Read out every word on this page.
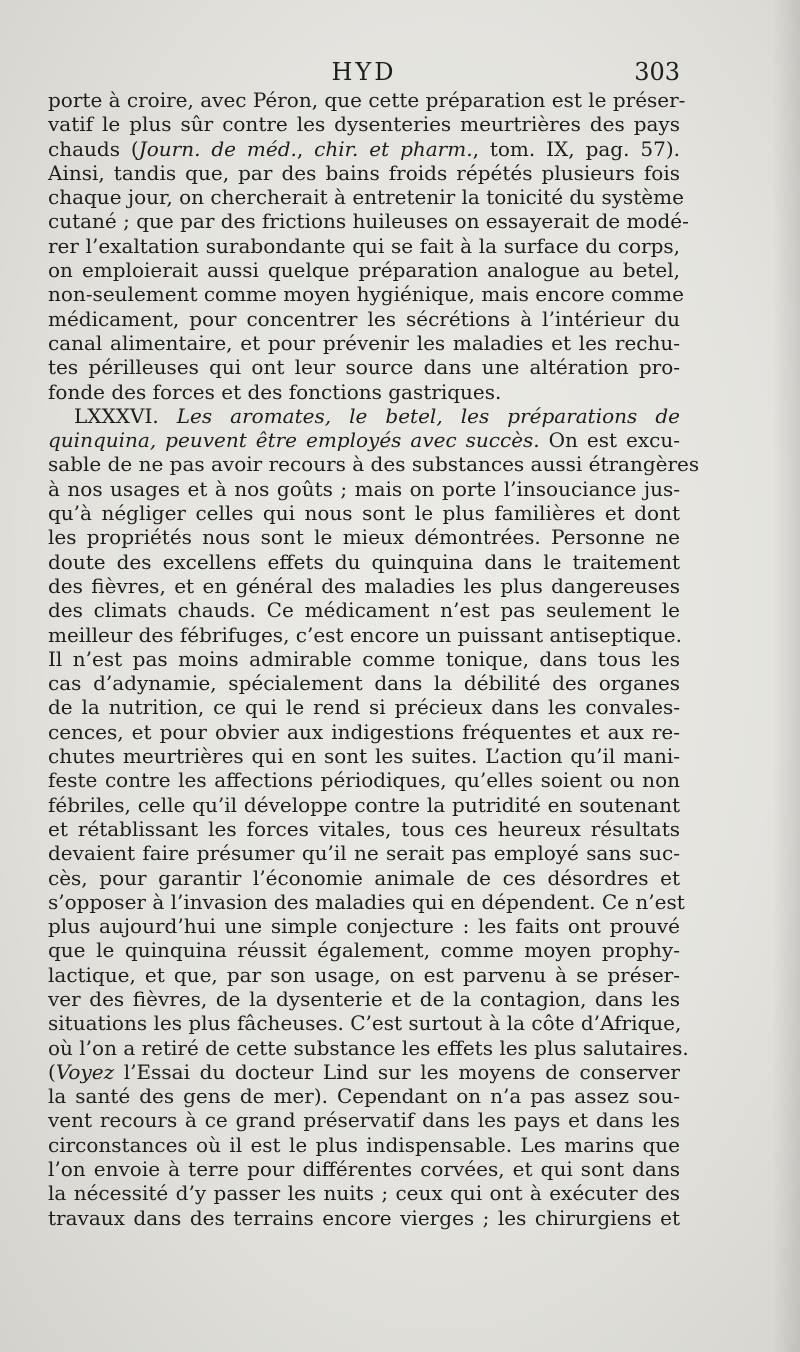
HYD	303
porte à croire, avec Péron, que cette préparation est le préser-
vatif le plus sûr contre les dysenteries meurtrières des pays
chauds (Journ. de méd., chir. et pharm., tom. IX, pag. 57).
Ainsi, tandis que, par des bains froids répétés plusieurs fois
chaque jour, on chercherait à entretenir la tonicité du système
cutané ; que par des frictions huileuses on essayerait de modé-
rer l’exaltation surabondante qui se fait à la surface du corps,
on emploierait aussi quelque préparation analogue au betel,
non-seulement comme moyen hygiénique, mais encore comme
médicament, pour concentrer les sécrétions à l’intérieur du
canal alimentaire, et pour prévenir les maladies et les rechu-
tes périlleuses qui ont leur source dans une altération pro-
fonde des forces et des fonctions gastriques.
LXXXVI. Les aromates, le betel, les préparations de
quinquina, peuvent être employés avec succès. On est excu-
sable de ne pas avoir recours à des substances aussi étrangères
à nos usages et à nos goûts ; mais on porte l’insouciance jus-
qu’à négliger celles qui nous sont le plus familières et dont
les propriétés nous sont le mieux démontrées. Personne ne
doute des excellens effets du quinquina dans le traitement
des fièvres, et en général des maladies les plus dangereuses
des climats chauds. Ce médicament n’est pas seulement le
meilleur des fébrifuges, c’est encore un puissant antiseptique.
Il n’est pas moins admirable comme tonique, dans tous les
cas d’adynamie, spécialement dans la débilité des organes
de la nutrition, ce qui le rend si précieux dans les convales-
cences, et pour obvier aux indigestions fréquentes et aux re-
chutes meurtrières qui en sont les suites. L’action qu’il mani-
feste contre les affections périodiques, qu’elles soient ou non
fébriles, celle qu’il développe contre la putridité en soutenant
et rétablissant les forces vitales, tous ces heureux résultats
devaient faire présumer qu’il ne serait pas employé sans suc-
cès, pour garantir l’économie animale de ces désordres et
s’opposer à l’invasion des maladies qui en dépendent. Ce n’est
plus aujourd’hui une simple conjecture : les faits ont prouvé
que le quinquina réussit également, comme moyen prophy-
lactique, et que, par son usage, on est parvenu à se préser-
ver des fièvres, de la dysenterie et de la contagion, dans les
situations les plus fâcheuses. C’est surtout à la côte d’Afrique,
où l’on a retiré de cette substance les effets les plus salutaires.
(Voyez l’Essai du docteur Lind sur les moyens de conserver
la santé des gens de mer). Cependant on n’a pas assez sou-
vent recours à ce grand préservatif dans les pays et dans les
circonstances où il est le plus indispensable. Les marins que
l’on envoie à terre pour différentes corvées, et qui sont dans
la nécessité d’y passer les nuits ; ceux qui ont à exécuter des
travaux dans des terrains encore vierges ; les chirurgiens et
